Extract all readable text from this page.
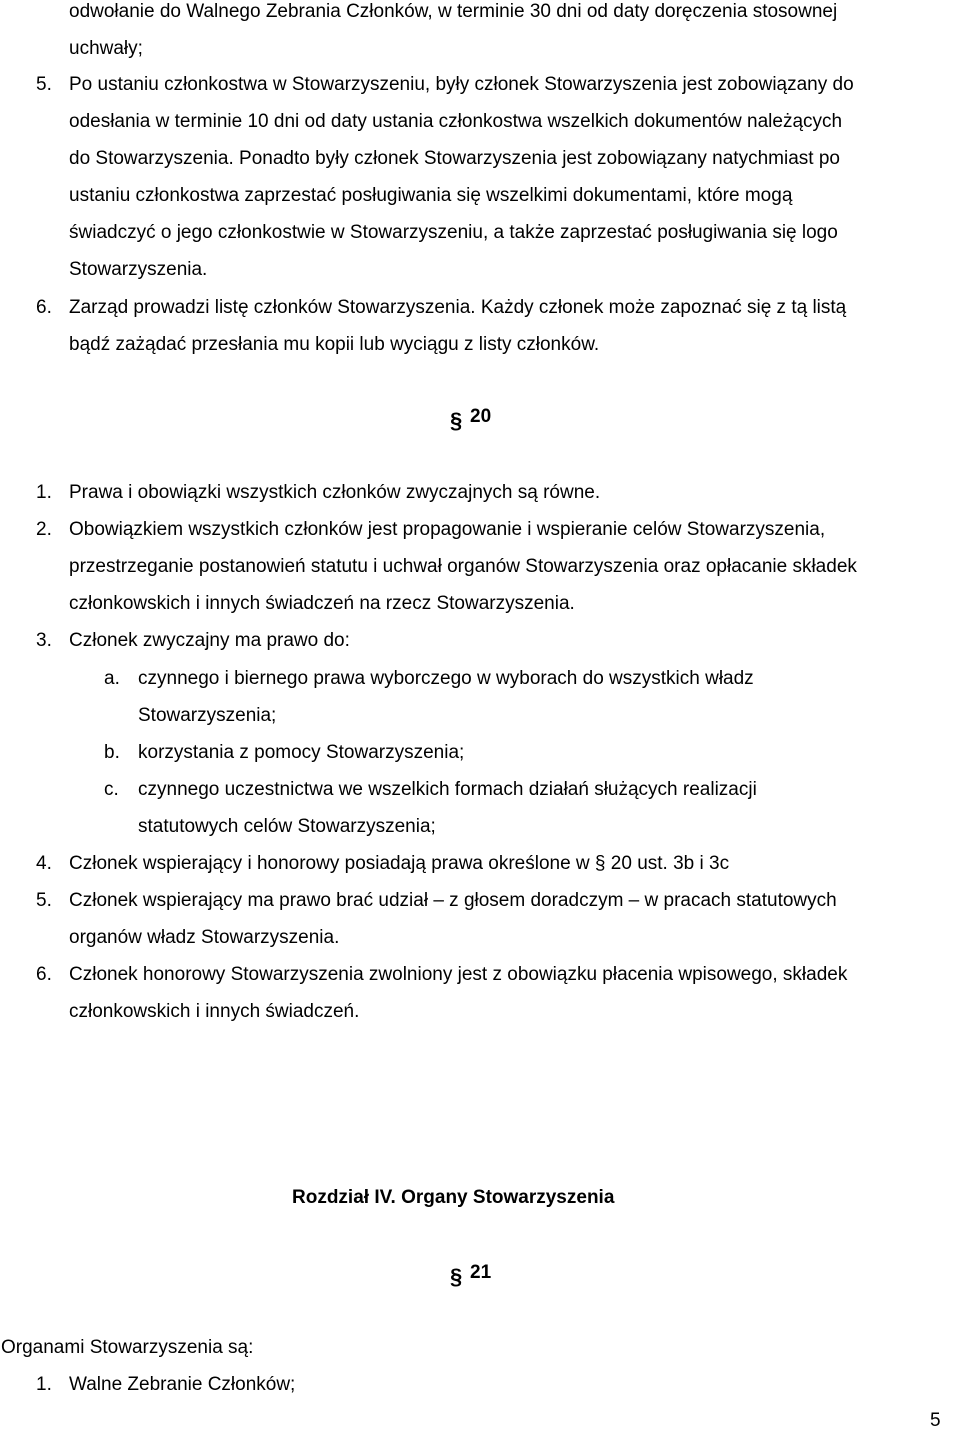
odwołanie do Walnego Zebrania Członków, w terminie 30 dni od daty doręczenia stosownej
uchwały;
5. Po ustaniu członkostwa w Stowarzyszeniu, były członek Stowarzyszenia jest zobowiązany do
odesłania w terminie 10 dni od daty ustania członkostwa wszelkich dokumentów należących
do Stowarzyszenia. Ponadto były członek Stowarzyszenia jest zobowiązany natychmiast po
ustaniu członkostwa zaprzestać posługiwania się wszelkimi dokumentami, które mogą
świadczyć o jego członkostwie w Stowarzyszeniu, a także zaprzestać posługiwania się logo
Stowarzyszenia.
6. Zarząd prowadzi listę członków Stowarzyszenia. Każdy członek może zapoznać się z tą listą
bądź zażądać przesłania mu kopii lub wyciągu z listy członków.
§ 20
1. Prawa i obowiązki wszystkich członków zwyczajnych są równe.
2. Obowiązkiem wszystkich członków jest propagowanie i wspieranie celów Stowarzyszenia,
przestrzeganie postanowień statutu i uchwał organów Stowarzyszenia oraz opłacanie składek
członkowskich i innych świadczeń na rzecz Stowarzyszenia.
3. Członek zwyczajny ma prawo do:
a. czynnego i biernego prawa wyborczego w wyborach do wszystkich władz
Stowarzyszenia;
b. korzystania z pomocy Stowarzyszenia;
c. czynnego uczestnictwa we wszelkich formach działań służących realizacji
statutowych celów Stowarzyszenia;
4. Członek wspierający i honorowy posiadają prawa określone w § 20 ust. 3b i 3c
5. Członek wspierający ma prawo brać udział – z głosem doradczym – w pracach statutowych
organów władz Stowarzyszenia.
6. Członek honorowy Stowarzyszenia zwolniony jest z obowiązku płacenia wpisowego, składek
członkowskich i innych świadczeń.
Rozdział IV. Organy Stowarzyszenia
§ 21
Organami Stowarzyszenia są:
1. Walne Zebranie Członków;
5
